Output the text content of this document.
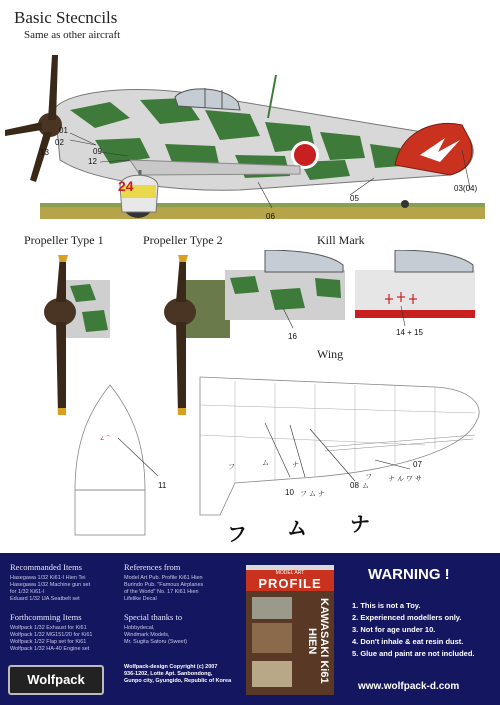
Basic Stecncils
Same as other aircraft
24
01
02
13	09
12
06
05
03(04)
Propeller Type 1	Propeller Type 2	Kill Mark
Wing
16	14 + 15
∠ ⌒
11
フ
ム	ナ
10 フ ム ナ
08 ム
フ
07
ナ ル ワ サ
フ ム ナ
Recommanded Items
Hasegawa 1/32 Ki61-I Hien Tei
Hasegawa 1/32 Machine gun set
for 1/32 Ki61-I
Eduard 1/32 IJA Seatbelt set
Forthcomming Items
Wolfpack 1/32 Exhaust for Ki61
Wolfpack 1/32 MG151/20 for Ki61
Wolfpack 1/32 Flap set for Ki61
Wolfpack 1/32 HA-40 Engine set
References from
Model Art Pub. Profile Ki61 Hien
Burindo Pub. "Famous Airplanes
of the World" No. 17 Ki61 Hien
Lifelike Decal
Special thanks to
Hobbydecal,
Windmark Models,
Mr. Sugita Satoru (Sweet)
Wolfpack-design Copyright (c) 2007
936-1202, Lotte Apt. Sanbondong,
Gunpo city, Gyungido, Republic of Korea
Wolfpack
MODEL ART
PROFILE
KAWASAKI Ki61 HIEN
WARNING !
1. This is not a Toy.
2. Experienced modellers only.
3. Not for age under 10.
4. Don't inhale & eat resin dust.
5. Glue and paint are not included.
www.wolfpack-d.com
